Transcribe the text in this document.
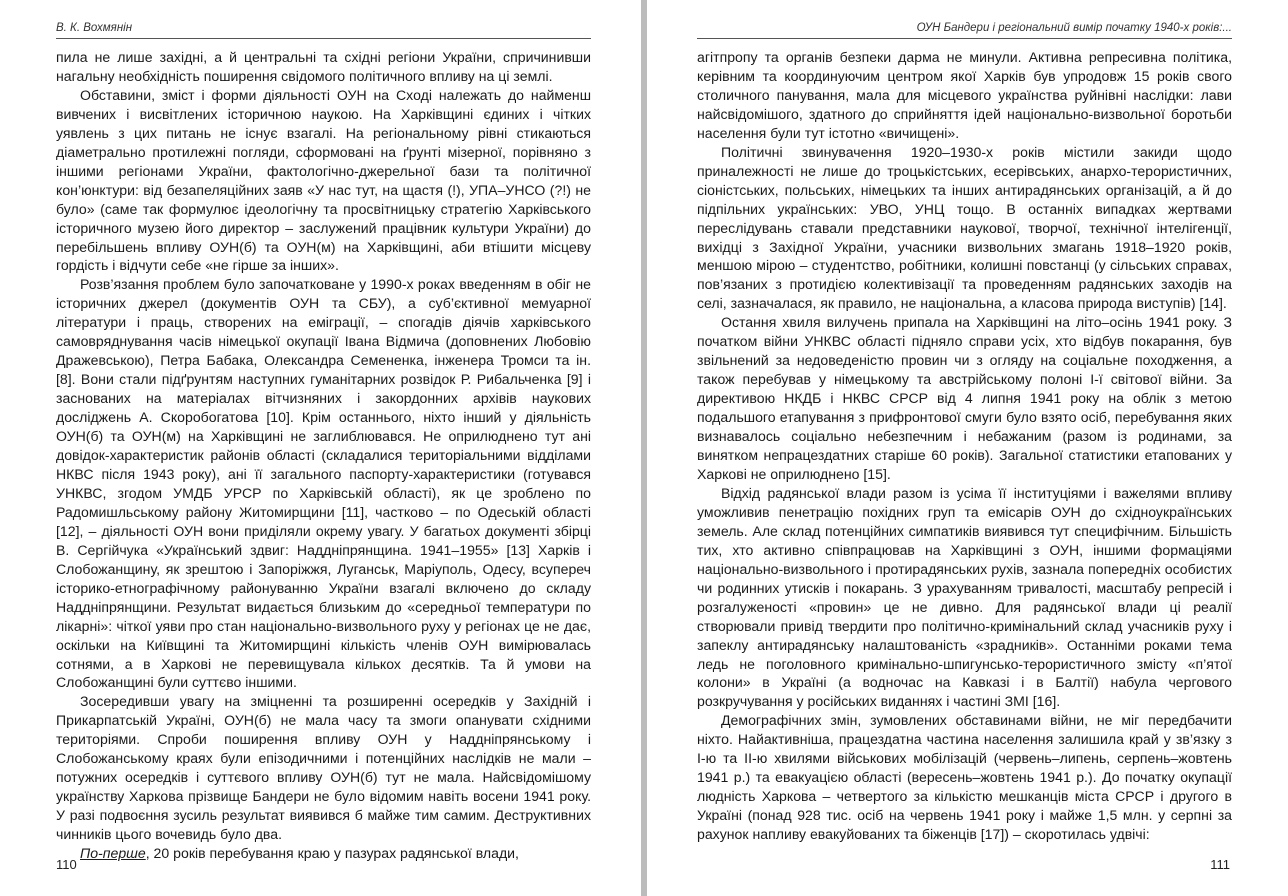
В. К. Вохмянін

пила не лише західні, а й центральні та східні регіони України, спричинивши нагальну необхідність поширення свідомого політичного впливу на ці землі.

Обставини, зміст і форми діяльності ОУН на Сході належать до найменш вивчених і висвітлених історичною наукою. На Харківщині єдиних і чітких уявлень з цих питань не існує взагалі. На регіональному рівні стикаються діаметрально протилежні погляди, сформовані на ґрунті мізерної, порівняно з іншими регіонами України, фактологічно-джерельної бази та політичної кон’юнктури: від безапеляційних заяв «У нас тут, на щастя (!), УПА–УНСО (?!) не було» (саме так формулює ідеологічну та просвітницьку стратегію Харківського історичного музею його директор – заслужений працівник культури України) до перебільшень впливу ОУН(б) та ОУН(м) на Харківщині, аби втішити місцеву гордість і відчути себе «не гірше за інших».

Розв’язання проблем було започатковане у 1990-х роках введенням в обіг не історичних джерел (документів ОУН та СБУ), а суб’єктивної мемуарної літератури і праць, створених на еміграції, – спогадів діячів харківського самовряднування часів німецької окупації Івана Відмича (доповнених Любовію Дражевською), Петра Бабака, Олександра Семененка, інженера Тромси та ін. [8]. Вони стали підґрунтям наступних гуманітарних розвідок Р. Рибальченка [9] і заснованих на матеріалах вітчизняних і закордонних архівів наукових досліджень А. Скоробогатова [10]. Крім останнього, ніхто інший у діяльність ОУН(б) та ОУН(м) на Харківщині не заглиблювався. Не оприлюднено тут ані довідок-характеристик районів області (складалися територіальними відділами НКВС після 1943 року), ані її загального паспорту-характеристики (готувався УНКВС, згодом УМДБ УРСР по Харківській області), як це зроблено по Радомишльському району Житомирщини [11], частково – по Одеській області [12], – діяльності ОУН вони приділяли окрему увагу. У багатьох документі збірці В. Сергійчука «Український здвиг: Наддніпрянщина. 1941–1955» [13] Харків і Слобожанщину, як зрештою і Запоріжжя, Луганськ, Маріуполь, Одесу, всупереч історико-етнографічному районуванню України взагалі включено до складу Наддніпрянщини. Результат видається близьким до «середньої температури по лікарні»: чіткої уяви про стан національно-визвольного руху у регіонах це не дає, оскільки на Київщині та Житомирщині кількість членів ОУН вимірювалась сотнями, а в Харкові не перевищувала кількох десятків. Та й умови на Слобожанщині були суттєво іншими.

Зосередивши увагу на зміцненні та розширенні осередків у Західній і Прикарпатській Україні, ОУН(б) не мала часу та змоги опанувати східними територіями. Спроби поширення впливу ОУН у Наддніпрянському і Слобожанському краях були епізодичними і потенційних наслідків не мали – потужних осередків і суттєвого впливу ОУН(б) тут не мала. Найсвідомішому українству Харкова прізвище Бандери не було відомим навіть восени 1941 року. У разі подвоєння зусиль результат виявився б майже тим самим. Деструктивних чинників цього вочевидь було два.

По-перше, 20 років перебування краю у пазурах радянської влади,

110
ОУН Бандери і регіональний вимір початку 1940-х років:...

агітпропу та органів безпеки дарма не минули. Активна репресивна політика, керівним та координуючим центром якої Харків був упродовж 15 років свого столичного панування, мала для місцевого українства руйнівні наслідки: лави найсвідомішого, здатного до сприйняття ідей національно-визвольної боротьби населення були тут істотно «вичищені».

Політичні звинувачення 1920–1930-х років містили закиди щодо приналежності не лише до троцькістських, есерівських, анархо-терористичних, сіоністських, польських, німецьких та інших антирадянських організацій, а й до підпільних українських: УВО, УНЦ тощо. В останніх випадках жертвами переслідувань ставали представники наукової, творчої, технічної інтелігенції, вихідці з Західної України, учасники визвольних змагань 1918–1920 років, меншою мірою – студентство, робітники, колишні повстанці (у сільських справах, пов’язаних з протидією колективізації та проведенням радянських заходів на селі, зазначалася, як правило, не національна, а класова природа виступів) [14].

Остання хвиля вилучень припала на Харківщині на літо–осінь 1941 року. З початком війни УНКВС області підняло справи усіх, хто відбув покарання, був звільнений за недоведеністю провин чи з огляду на соціальне походження, а також перебував у німецькому та австрійському полоні І-ї світової війни. За директивою НКДБ і НКВС СРСР від 4 липня 1941 року на облік з метою подальшого етапування з прифронтової смуги було взято осіб, перебування яких визнавалось соціально небезпечним і небажаним (разом із родинами, за винятком непрацездатних старіше 60 років). Загальної статистики етапованих у Харкові не оприлюднено [15].

Відхід радянської влади разом із усіма її інституціями і важелями впливу уможливив пенетрацію похідних груп та емісарів ОУН до східноукраїнських земель. Але склад потенційних симпатиків виявився тут специфічним. Більшість тих, хто активно співпрацював на Харківщині з ОУН, іншими формаціями національно-визвольного і протирадянських рухів, зазнала попередніх особистих чи родинних утисків і покарань. З урахуванням тривалості, масштабу репресій і розгалуженості «провин» це не дивно. Для радянської влади ці реалії створювали привід твердити про політично-кримінальний склад учасників руху і запеклу антирадянську налаштованість «зрадників». Останніми роками тема ледь не поголовного кримінально-шпигунсько-терористичного змісту «п’ятої колони» в Україні (а водночас на Кавказі і в Балтії) набула чергового розкручування у російських виданнях і частині ЗМІ [16].

Демографічних змін, зумовлених обставинами війни, не міг передбачити ніхто. Найактивніша, працездатна частина населення залишила край у зв’язку з І-ю та ІІ-ю хвилями військових мобілізацій (червень–липень, серпень–жовтень 1941 р.) та евакуацією області (вересень–жовтень 1941 р.). До початку окупації людність Харкова – четвертого за кількістю мешканців міста СРСР і другого в Україні (понад 928 тис. осіб на червень 1941 року і майже 1,5 млн. у серпні за рахунок напливу евакуйованих та біженців [17]) – скоротилась удвічі:

111
